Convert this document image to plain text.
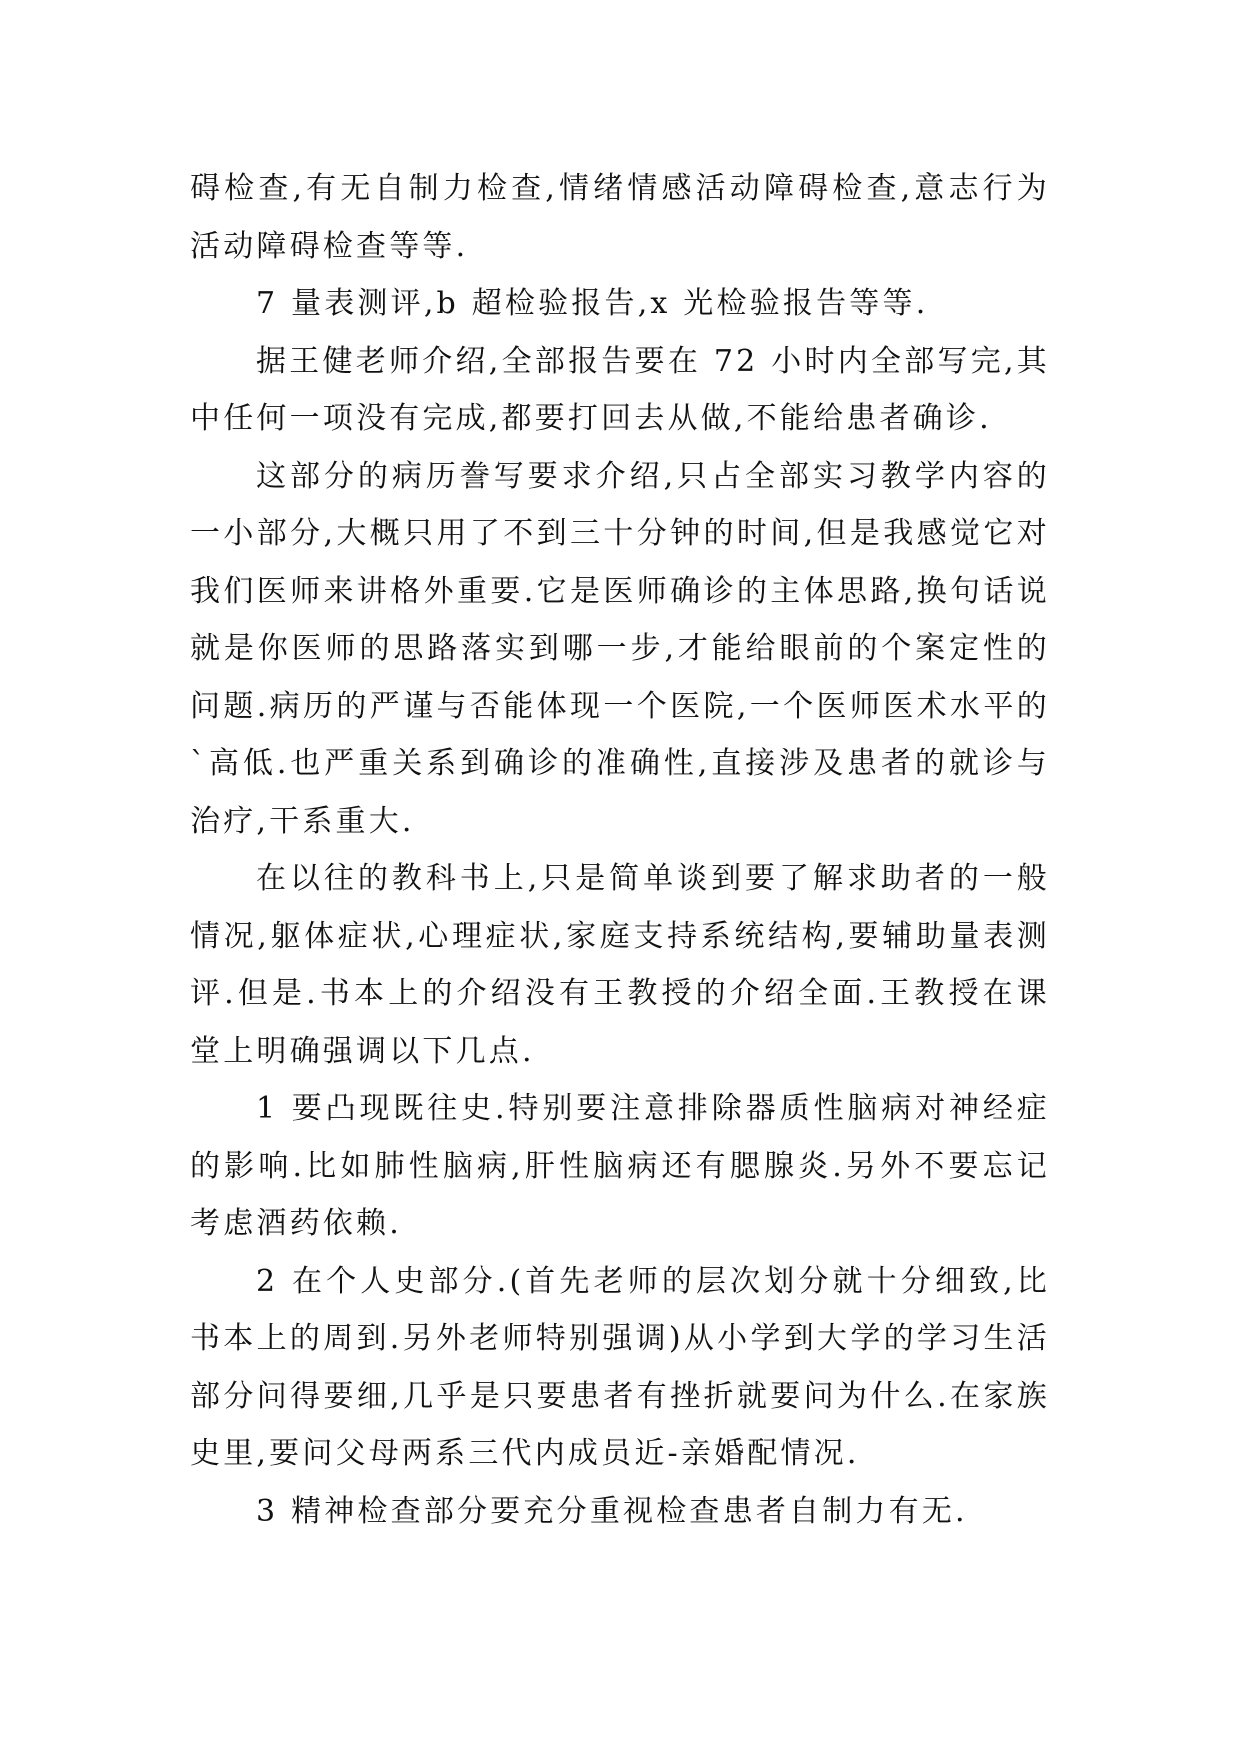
碍检查,有无自制力检查,情绪情感活动障碍检查,意志行为活动障碍检查等等.

7 量表测评,b 超检验报告,x 光检验报告等等.

据王健老师介绍,全部报告要在 72 小时内全部写完,其中任何一项没有完成,都要打回去从做,不能给患者确诊.

这部分的病历誊写要求介绍,只占全部实习教学内容的一小部分,大概只用了不到三十分钟的时间,但是我感觉它对我们医师来讲格外重要.它是医师确诊的主体思路,换句话说就是你医师的思路落实到哪一步,才能给眼前的个案定性的问题.病历的严谨与否能体现一个医院,一个医师医术水平的`高低.也严重关系到确诊的准确性,直接涉及患者的就诊与治疗,干系重大.

在以往的教科书上,只是简单谈到要了解求助者的一般情况,躯体症状,心理症状,家庭支持系统结构,要辅助量表测评.但是.书本上的介绍没有王教授的介绍全面.王教授在课堂上明确强调以下几点.

1 要凸现既往史.特别要注意排除器质性脑病对神经症的影响.比如肺性脑病,肝性脑病还有腮腺炎.另外不要忘记考虑酒药依赖.

2 在个人史部分.(首先老师的层次划分就十分细致,比书本上的周到.另外老师特别强调)从小学到大学的学习生活部分问得要细,几乎是只要患者有挫折就要问为什么.在家族史里,要问父母两系三代内成员近-亲婚配情况.

3 精神检查部分要充分重视检查患者自制力有无.
